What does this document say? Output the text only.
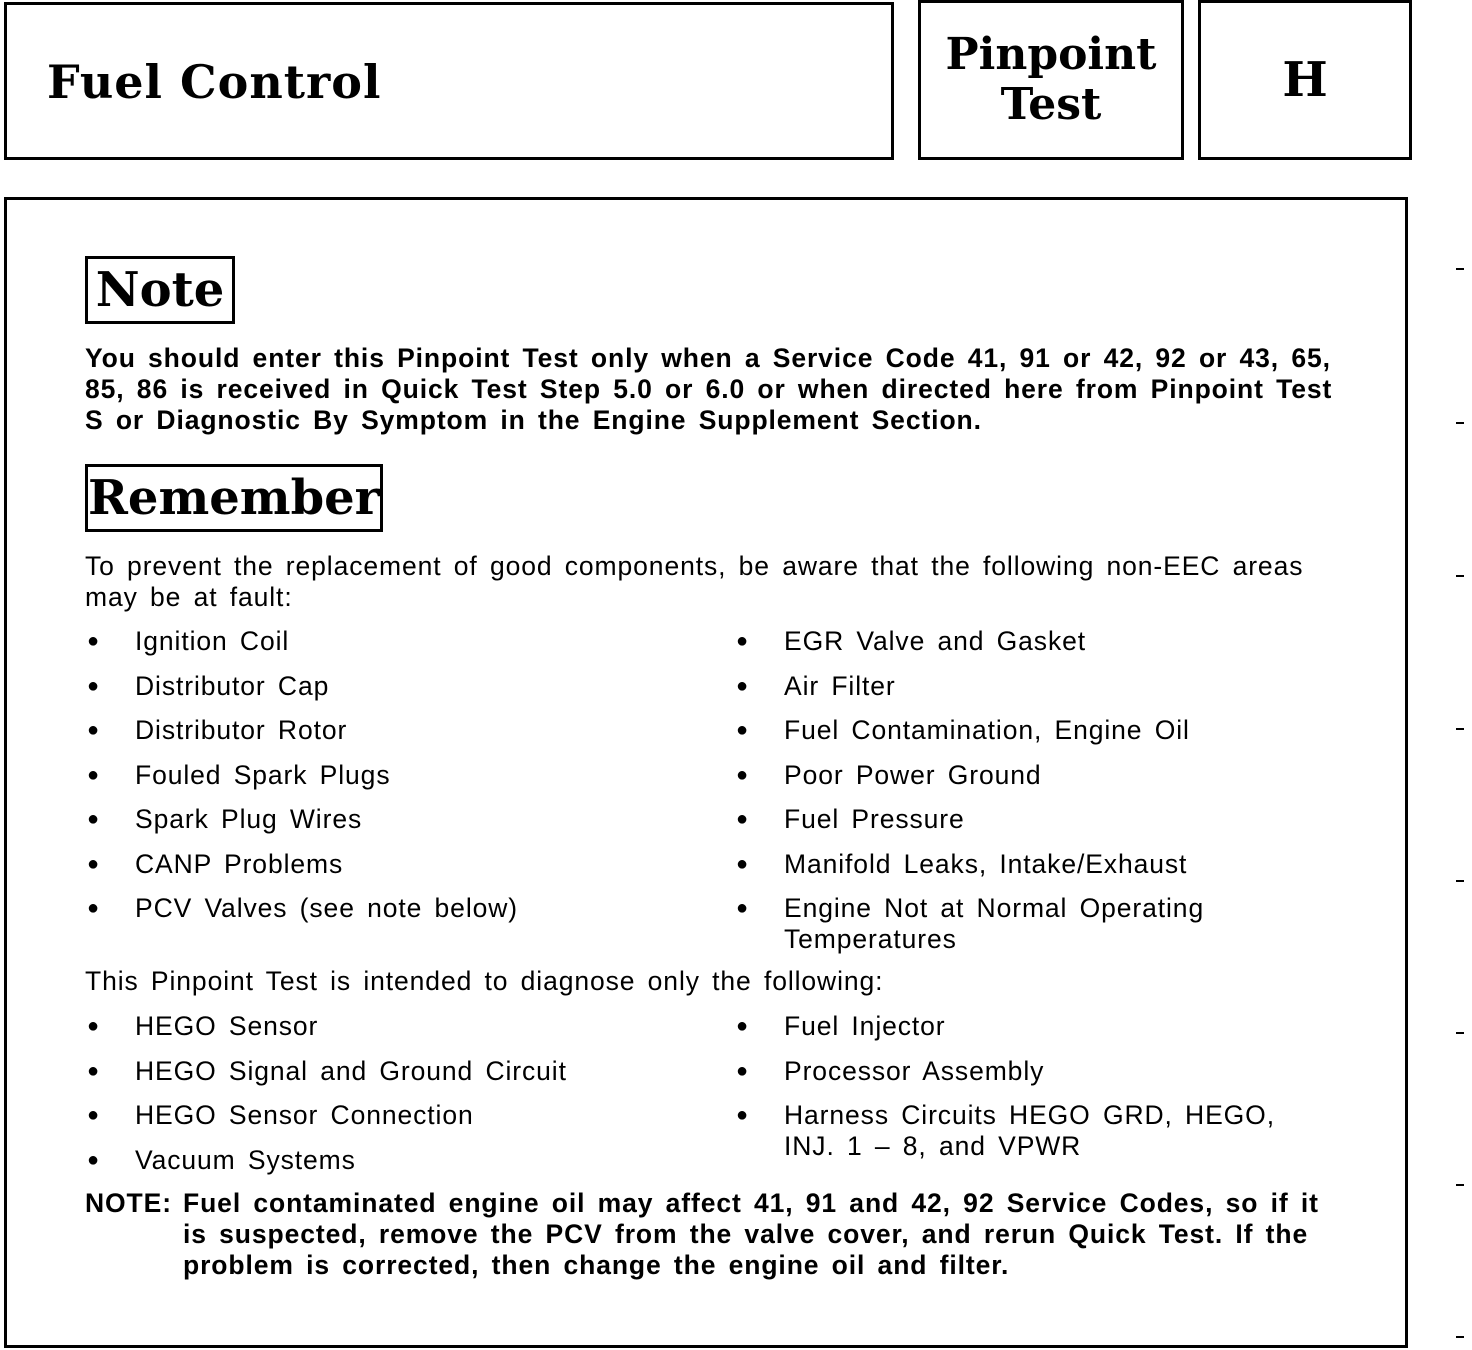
Fuel Control
Pinpoint
Test	H
Note
You should enter this Pinpoint Test only when a Service Code 41, 91 or 42, 92 or 43, 65, 85, 86 is received in Quick Test Step 5.0 or 6.0 or when directed here from Pinpoint Test S or Diagnostic By Symptom in the Engine Supplement Section.
Remember
To prevent the replacement of good components, be aware that the following non-EEC areas may be at fault:
● Ignition Coil
● Distributor Cap
● Distributor Rotor
● Fouled Spark Plugs
● Spark Plug Wires
● CANP Problems
● PCV Valves (see note below)
● EGR Valve and Gasket
● Air Filter
● Fuel Contamination, Engine Oil
● Poor Power Ground
● Fuel Pressure
● Manifold Leaks, Intake/Exhaust
● Engine Not at Normal Operating Temperatures
This Pinpoint Test is intended to diagnose only the following:
● HEGO Sensor
● HEGO Signal and Ground Circuit
● HEGO Sensor Connection
● Vacuum Systems
● Fuel Injector
● Processor Assembly
● Harness Circuits HEGO GRD, HEGO, INJ. 1 – 8, and VPWR
NOTE: Fuel contaminated engine oil may affect 41, 91 and 42, 92 Service Codes, so if it is suspected, remove the PCV from the valve cover, and rerun Quick Test. If the problem is corrected, then change the engine oil and filter.
